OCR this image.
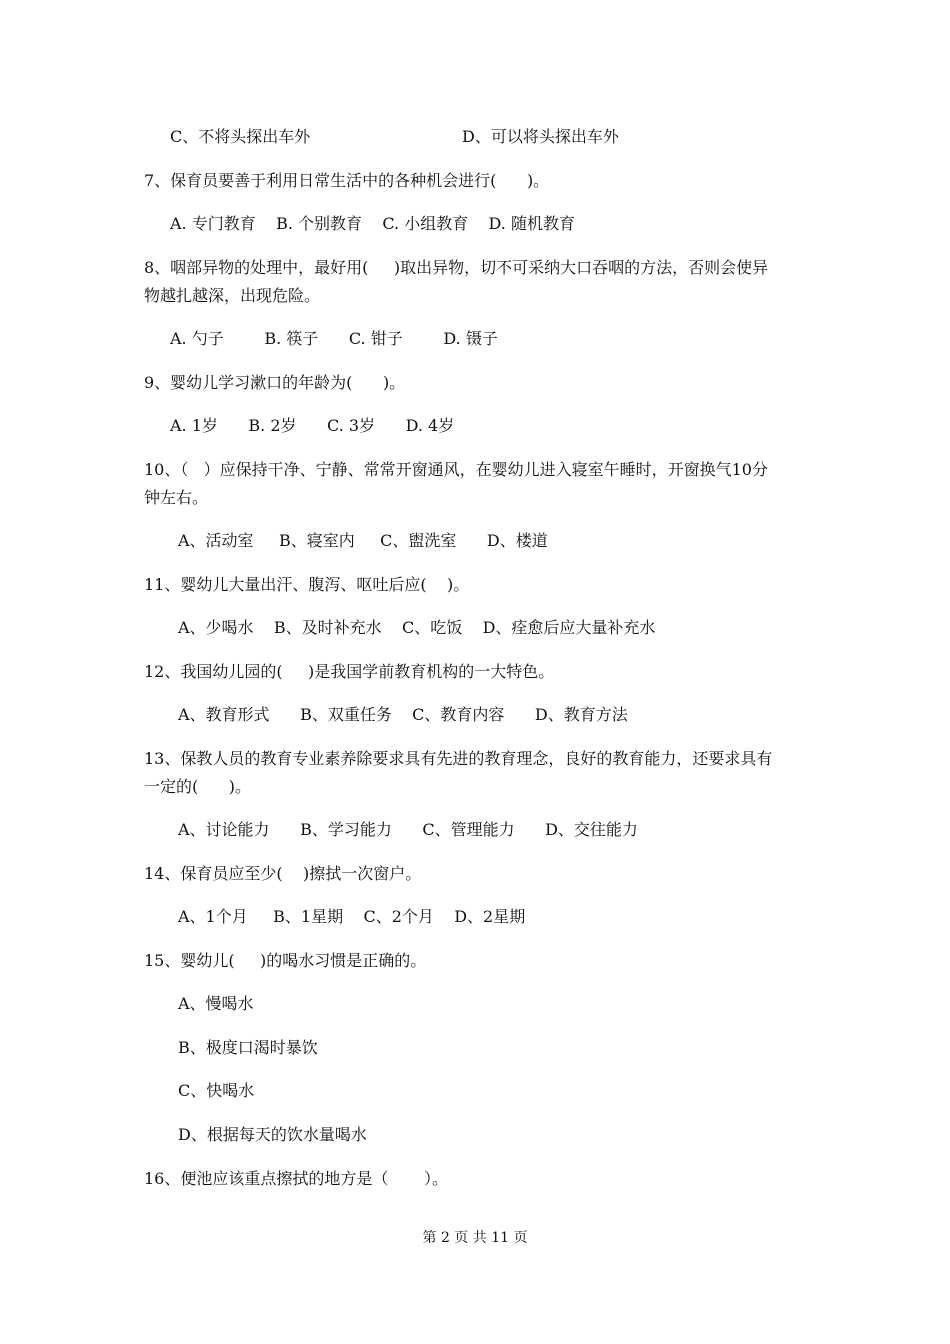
C、不将头探出车外	D、可以将头探出车外
7、保育员要善于利用日常生活中的各种机会进行(      )。
A. 专门教育    B. 个别教育    C. 小组教育    D. 随机教育
8、咽部异物的处理中，最好用(     )取出异物，切不可采纳大口吞咽的方法，否则会使异
物越扎越深，出现危险。
A. 勺子        B. 筷子      C. 钳子        D. 镊子
9、婴幼儿学习漱口的年龄为(      )。
A. 1岁      B. 2岁      C. 3岁      D. 4岁
10、（   ）应保持干净、宁静、常常开窗通风，在婴幼儿进入寝室午睡时，开窗换气10分
钟左右。
A、活动室     B、寝室内     C、盥洗室      D、楼道
11、婴幼儿大量出汗、腹泻、呕吐后应(    )。
A、少喝水    B、及时补充水    C、吃饭    D、痊愈后应大量补充水
12、我国幼儿园的(     )是我国学前教育机构的一大特色。
A、教育形式      B、双重任务    C、教育内容      D、教育方法
13、保教人员的教育专业素养除要求具有先进的教育理念，良好的教育能力，还要求具有
一定的(      )。
A、讨论能力      B、学习能力      C、管理能力      D、交往能力
14、保育员应至少(    )擦拭一次窗户。
A、1个月     B、1星期    C、2个月    D、2星期
15、婴幼儿(     )的喝水习惯是正确的。
A、慢喝水
B、极度口渴时暴饮
C、快喝水
D、根据每天的饮水量喝水
16、便池应该重点擦拭的地方是（       ）。
第 2 页 共 11 页
